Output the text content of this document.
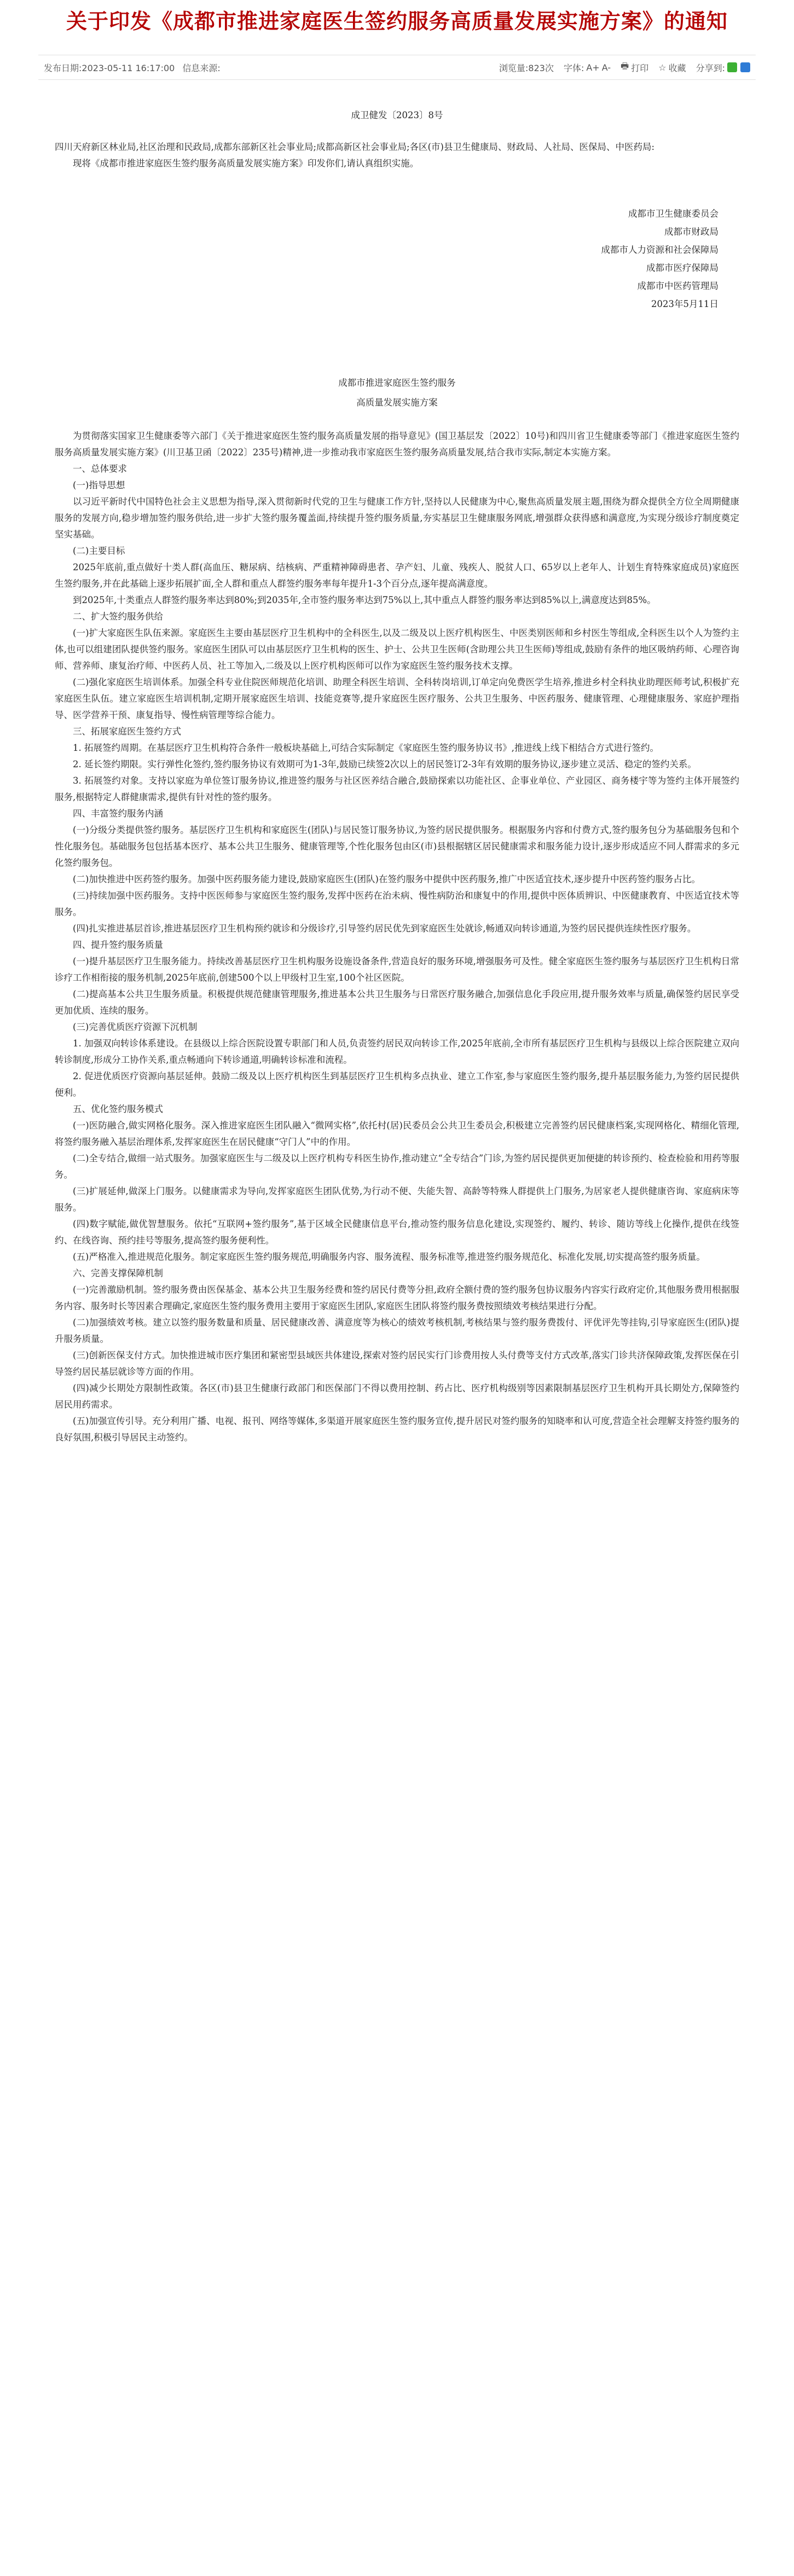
关于印发《成都市推进家庭医生签约服务高质量发展实施方案》的通知
发布日期:2023-05-11 16:17:00 信息来源:	浏览量:823次 字体: A+ A- 🖶 打印 ☆ 收藏 分享到:
成卫健发〔2023〕8号
四川天府新区林业局,社区治理和民政局,成都东部新区社会事业局;成都高新区社会事业局;各区(市)县卫生健康局、财政局、人社局、医保局、中医药局:
现将《成都市推进家庭医生签约服务高质量发展实施方案》印发你们,请认真组织实施。
成都市卫生健康委员会
成都市财政局
成都市人力资源和社会保障局
成都市医疗保障局
成都市中医药管理局
2023年5月11日
成都市推进家庭医生签约服务
高质量发展实施方案
为贯彻落实国家卫生健康委等六部门《关于推进家庭医生签约服务高质量发展的指导意见》(国卫基层发〔2022〕10号)和四川省卫生健康委等部门《推进家庭医生签约服务高质量发展实施方案》(川卫基卫函〔2022〕235号)精神,进一步推动我市家庭医生签约服务高质量发展,结合我市实际,制定本实施方案。
一、总体要求
(一)指导思想
以习近平新时代中国特色社会主义思想为指导,深入贯彻新时代党的卫生与健康工作方针,坚持以人民健康为中心,聚焦高质量发展主题,围绕为群众提供全方位全周期健康服务的发展方向,稳步增加签约服务供给,进一步扩大签约服务覆盖面,持续提升签约服务质量,夯实基层卫生健康服务网底,增强群众获得感和满意度,为实现分级诊疗制度奠定坚实基础。
(二)主要目标
2025年底前,重点做好十类人群(高血压、糖尿病、结核病、严重精神障碍患者、孕产妇、儿童、残疾人、脱贫人口、65岁以上老年人、计划生育特殊家庭成员)家庭医生签约服务,并在此基础上逐步拓展扩面,全人群和重点人群签约服务率每年提升1-3个百分点,逐年提高满意度。
到2025年,十类重点人群签约服务率达到80%;到2035年,全市签约服务率达到75%以上,其中重点人群签约服务率达到85%以上,满意度达到85%。
二、扩大签约服务供给
(一)扩大家庭医生队伍来源。家庭医生主要由基层医疗卫生机构中的全科医生,以及二级及以上医疗机构医生、中医类别医师和乡村医生等组成,全科医生以个人为签约主体,也可以组建团队提供签约服务。家庭医生团队可以由基层医疗卫生机构的医生、护士、公共卫生医师(含助理公共卫生医师)等组成,鼓励有条件的地区吸纳药师、心理咨询师、营养师、康复治疗师、中医药人员、社工等加入,二级及以上医疗机构医师可以作为家庭医生签约服务技术支撑。
(二)强化家庭医生培训体系。加强全科专业住院医师规范化培训、助理全科医生培训、全科转岗培训,订单定向免费医学生培养,推进乡村全科执业助理医师考试,积极扩充家庭医生队伍。建立家庭医生培训机制,定期开展家庭医生培训、技能竞赛等,提升家庭医生医疗服务、公共卫生服务、中医药服务、健康管理、心理健康服务、家庭护理指导、医学营养干预、康复指导、慢性病管理等综合能力。
三、拓展家庭医生签约方式
1. 拓展签约周期。在基层医疗卫生机构符合条件一般板块基础上,可结合实际制定《家庭医生签约服务协议书》,推进线上线下相结合方式进行签约。
2. 延长签约期限。实行弹性化签约,签约服务协议有效期可为1-3年,鼓励已续签2次以上的居民签订2-3年有效期的服务协议,逐步建立灵活、稳定的签约关系。
3. 拓展签约对象。支持以家庭为单位签订服务协议,推进签约服务与社区医养结合融合,鼓励探索以功能社区、企事业单位、产业园区、商务楼宇等为签约主体开展签约服务,根据特定人群健康需求,提供有针对性的签约服务。
四、丰富签约服务内涵
(一)分级分类提供签约服务。基层医疗卫生机构和家庭医生(团队)与居民签订服务协议,为签约居民提供服务。根据服务内容和付费方式,签约服务包分为基础服务包和个性化服务包。基础服务包包括基本医疗、基本公共卫生服务、健康管理等,个性化服务包由区(市)县根据辖区居民健康需求和服务能力设计,逐步形成适应不同人群需求的多元化签约服务包。
(二)加快推进中医药签约服务。加强中医药服务能力建设,鼓励家庭医生(团队)在签约服务中提供中医药服务,推广中医适宜技术,逐步提升中医药签约服务占比。
(三)持续加强中医药服务。支持中医医师参与家庭医生签约服务,发挥中医药在治未病、慢性病防治和康复中的作用,提供中医体质辨识、中医健康教育、中医适宜技术等服务。
(四)扎实推进基层首诊,推进基层医疗卫生机构预约就诊和分级诊疗,引导签约居民优先到家庭医生处就诊,畅通双向转诊通道,为签约居民提供连续性医疗服务。
四、提升签约服务质量
(一)提升基层医疗卫生服务能力。持续改善基层医疗卫生机构服务设施设备条件,营造良好的服务环境,增强服务可及性。健全家庭医生签约服务与基层医疗卫生机构日常诊疗工作相衔接的服务机制,2025年底前,创建500个以上甲级村卫生室,100个社区医院。
(二)提高基本公共卫生服务质量。积极提供规范健康管理服务,推进基本公共卫生服务与日常医疗服务融合,加强信息化手段应用,提升服务效率与质量,确保签约居民享受更加优质、连续的服务。
(三)完善优质医疗资源下沉机制
1. 加强双向转诊体系建设。在县级以上综合医院设置专职部门和人员,负责签约居民双向转诊工作,2025年底前,全市所有基层医疗卫生机构与县级以上综合医院建立双向转诊制度,形成分工协作关系,重点畅通向下转诊通道,明确转诊标准和流程。
2. 促进优质医疗资源向基层延伸。鼓励二级及以上医疗机构医生到基层医疗卫生机构多点执业、建立工作室,参与家庭医生签约服务,提升基层服务能力,为签约居民提供便利。
五、优化签约服务模式
(一)医防融合,做实网格化服务。深入推进家庭医生团队融入“微网实格”,依托村(居)民委员会公共卫生委员会,积极建立完善签约居民健康档案,实现网格化、精细化管理,将签约服务融入基层治理体系,发挥家庭医生在居民健康“守门人”中的作用。
(二)全专结合,做细一站式服务。加强家庭医生与二级及以上医疗机构专科医生协作,推动建立“全专结合”门诊,为签约居民提供更加便捷的转诊预约、检查检验和用药等服务。
(三)扩展延伸,做深上门服务。以健康需求为导向,发挥家庭医生团队优势,为行动不便、失能失智、高龄等特殊人群提供上门服务,为居家老人提供健康咨询、家庭病床等服务。
(四)数字赋能,做优智慧服务。依托“互联网+签约服务”,基于区域全民健康信息平台,推动签约服务信息化建设,实现签约、履约、转诊、随访等线上化操作,提供在线签约、在线咨询、预约挂号等服务,提高签约服务便利性。
(五)严格准入,推进规范化服务。制定家庭医生签约服务规范,明确服务内容、服务流程、服务标准等,推进签约服务规范化、标准化发展,切实提高签约服务质量。
六、完善支撑保障机制
(一)完善激励机制。签约服务费由医保基金、基本公共卫生服务经费和签约居民付费等分担,政府全额付费的签约服务包协议服务内容实行政府定价,其他服务费用根据服务内容、服务时长等因素合理确定,家庭医生签约服务费用主要用于家庭医生团队,家庭医生团队将签约服务费按照绩效考核结果进行分配。
(二)加强绩效考核。建立以签约服务数量和质量、居民健康改善、满意度等为核心的绩效考核机制,考核结果与签约服务费拨付、评优评先等挂钩,引导家庭医生(团队)提升服务质量。
(三)创新医保支付方式。加快推进城市医疗集团和紧密型县域医共体建设,探索对签约居民实行门诊费用按人头付费等支付方式改革,落实门诊共济保障政策,发挥医保在引导签约居民基层就诊等方面的作用。
(四)减少长期处方限制性政策。各区(市)县卫生健康行政部门和医保部门不得以费用控制、药占比、医疗机构级别等因素限制基层医疗卫生机构开具长期处方,保障签约居民用药需求。
(五)加强宣传引导。充分利用广播、电视、报刊、网络等媒体,多渠道开展家庭医生签约服务宣传,提升居民对签约服务的知晓率和认可度,营造全社会理解支持签约服务的良好氛围,积极引导居民主动签约。
